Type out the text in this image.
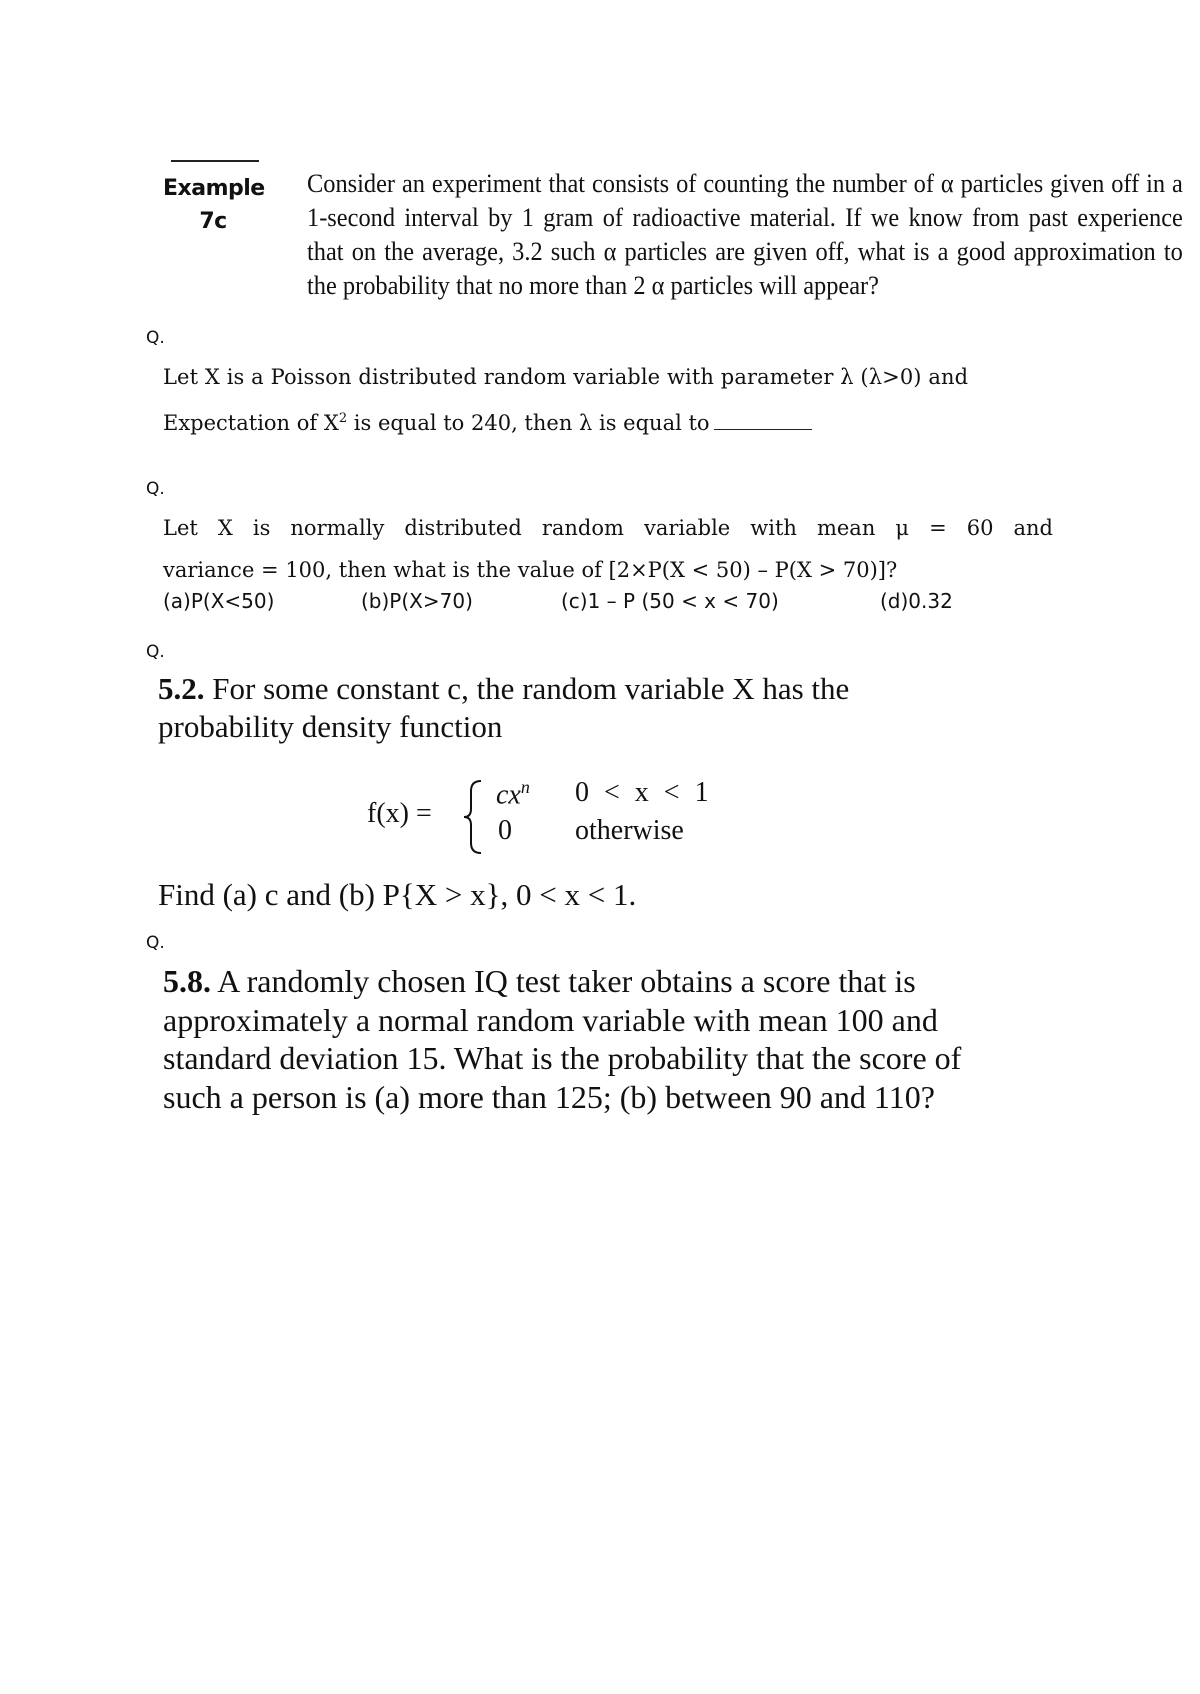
Example
7c
Consider an experiment that consists of counting the number of α particles given off in a 1-second interval by 1 gram of radioactive material. If we know from past experience that on the average, 3.2 such α particles are given off, what is a good approximation to the probability that no more than 2 α particles will appear?
Q.
Let X is a Poisson distributed random variable with parameter λ (λ>0) and
Expectation of $X^2$ is equal to 240, then λ is equal to
Q.
Let X is normally distributed random variable with mean μ = 60 and
variance = 100, then what is the value of [2×P(X < 50) – P(X > 70)]?
(a)P(X<50)	(b)P(X>70)	(c)1 – P (50 < x < 70)	(d)0.32
Q.
5.2. For some constant c, the random variable X has the probability density function
f(x) =
$cx^n$ 0 < x < 1
0 otherwise
Find (a) c and (b) P{X > x}, 0 < x < 1.
Q.
5.8. A randomly chosen IQ test taker obtains a score that is approximately a normal random variable with mean 100 and standard deviation 15. What is the probability that the score of such a person is (a) more than 125; (b) between 90 and 110?
